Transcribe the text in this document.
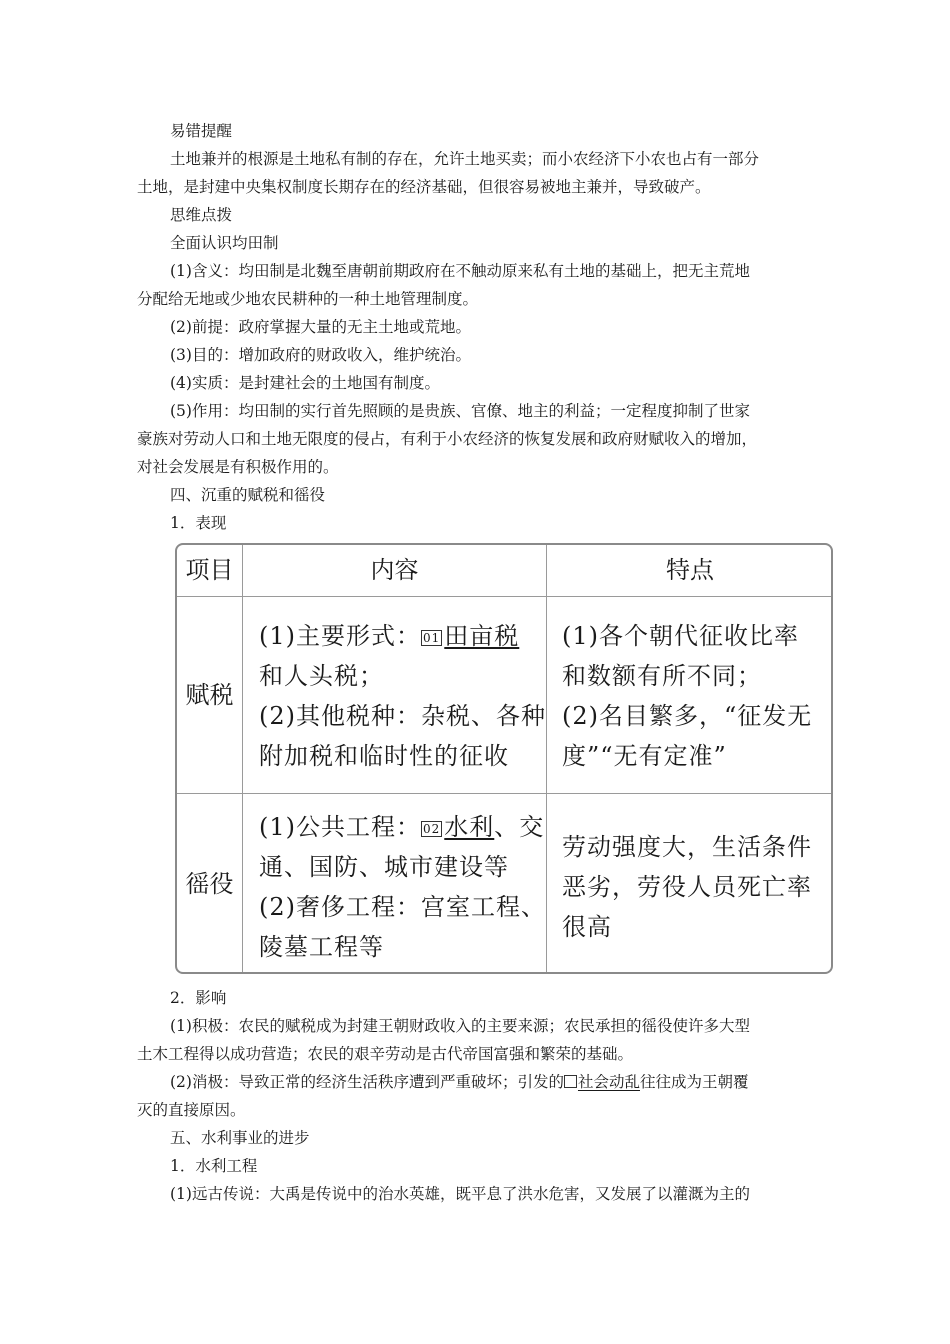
易错提醒
土地兼并的根源是土地私有制的存在，允许土地买卖；而小农经济下小农也占有一部分
土地，是封建中央集权制度长期存在的经济基础，但很容易被地主兼并，导致破产。
思维点拨
全面认识均田制
(1)含义：均田制是北魏至唐朝前期政府在不触动原来私有土地的基础上，把无主荒地
分配给无地或少地农民耕种的一种土地管理制度。
(2)前提：政府掌握大量的无主土地或荒地。
(3)目的：增加政府的财政收入，维护统治。
(4)实质：是封建社会的土地国有制度。
(5)作用：均田制的实行首先照顾的是贵族、官僚、地主的利益；一定程度抑制了世家
豪族对劳动人口和土地无限度的侵占，有利于小农经济的恢复发展和政府财赋收入的增加，
对社会发展是有积极作用的。
四、沉重的赋税和徭役
1．表现
项目	内容	特点
赋税
(1)主要形式： 01 田亩税
和人头税；
(2)其他税种：杂税、各种
附加税和临时性的征收
(1)各个朝代征收比率
和数额有所不同；
(2)名目繁多，“征发无
度”“无有定准”
徭役
(1)公共工程： 02 水利、交
通、国防、城市建设等
(2)奢侈工程：宫室工程、
陵墓工程等
劳动强度大，生活条件
恶劣，劳役人员死亡率
很高
2．影响
(1)积极：农民的赋税成为封建王朝财政收入的主要来源；农民承担的徭役使许多大型
土木工程得以成功营造；农民的艰辛劳动是古代帝国富强和繁荣的基础。
(2)消极：导致正常的经济生活秩序遭到严重破坏；引发的 社会动乱往往成为王朝覆
灭的直接原因。
五、水利事业的进步
1．水利工程
(1)远古传说：大禹是传说中的治水英雄，既平息了洪水危害，又发展了以灌溉为主的
